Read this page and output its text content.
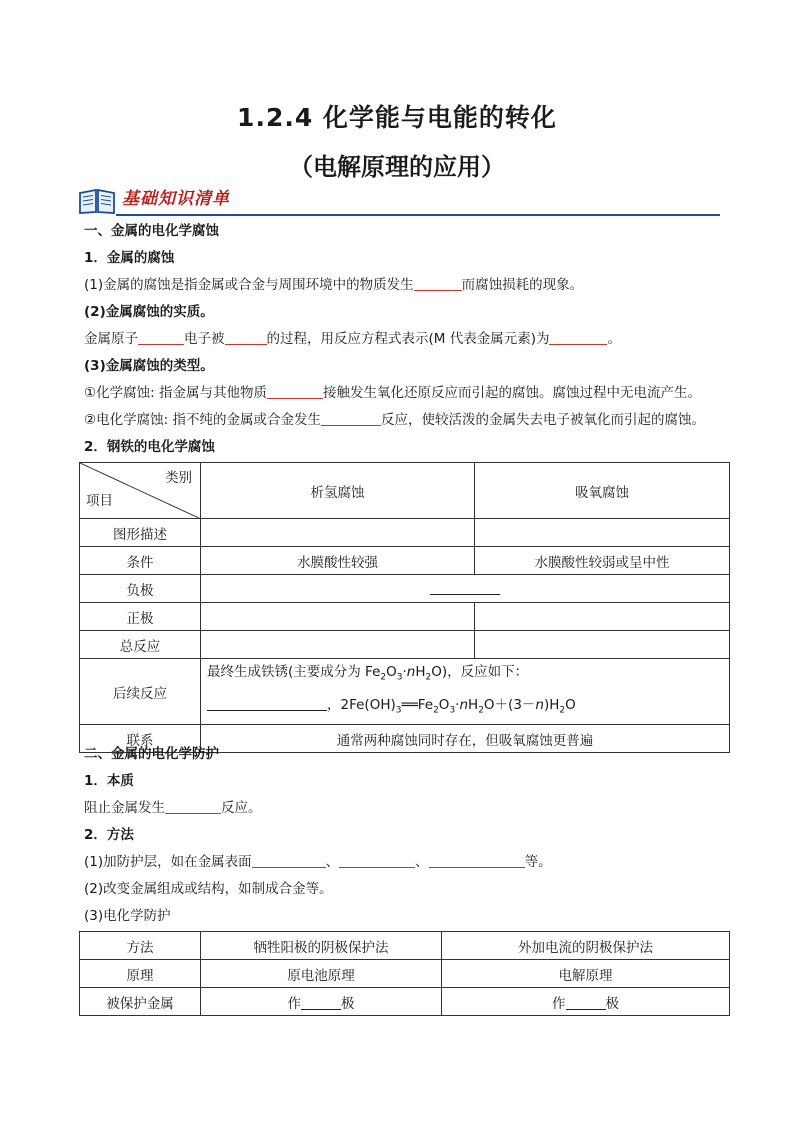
1.2.4 化学能与电能的转化
（电解原理的应用）
基础知识清单
一、金属的电化学腐蚀
1．金属的腐蚀
(1)金属的腐蚀是指金属或合金与周围环境中的物质发生	而腐蚀损耗的现象。
(2)金属腐蚀的实质。
金属原子	电子被	的过程，用反应方程式表示(M 代表金属元素)为	。
(3)金属腐蚀的类型。
①化学腐蚀: 指金属与其他物质	接触发生氧化还原反应而引起的腐蚀。腐蚀过程中无电流产生。
②电化学腐蚀: 指不纯的金属或合金发生	反应，使较活泼的金属失去电子被氧化而引起的腐蚀。
2．钢铁的电化学腐蚀
类别
项目	析氢腐蚀	吸氧腐蚀
图形描述		
条件	水膜酸性较强	水膜酸性较弱或呈中性
负极		
正极		
总反应		
后续反应	最终生成铁锈(主要成分为 $Fe_2O_3\cdot nH_2O$)，反应如下：
，$2Fe(OH)_3══Fe_2O_3\cdot nH_2O+(3-n)H_2O$	

联系	通常两种腐蚀同时存在，但吸氧腐蚀更普遍	
二、金属的电化学防护
1．本质
阻止金属发生	反应。
2．方法
(1)加防护层，如在金属表面	、	、	等。
(2)改变金属组成或结构，如制成合金等。
(3)电化学防护
方法	牺牲阳极的阴极保护法	外加电流的阴极保护法
原理	原电池原理	电解原理
被保护金属	作 极	作 极
